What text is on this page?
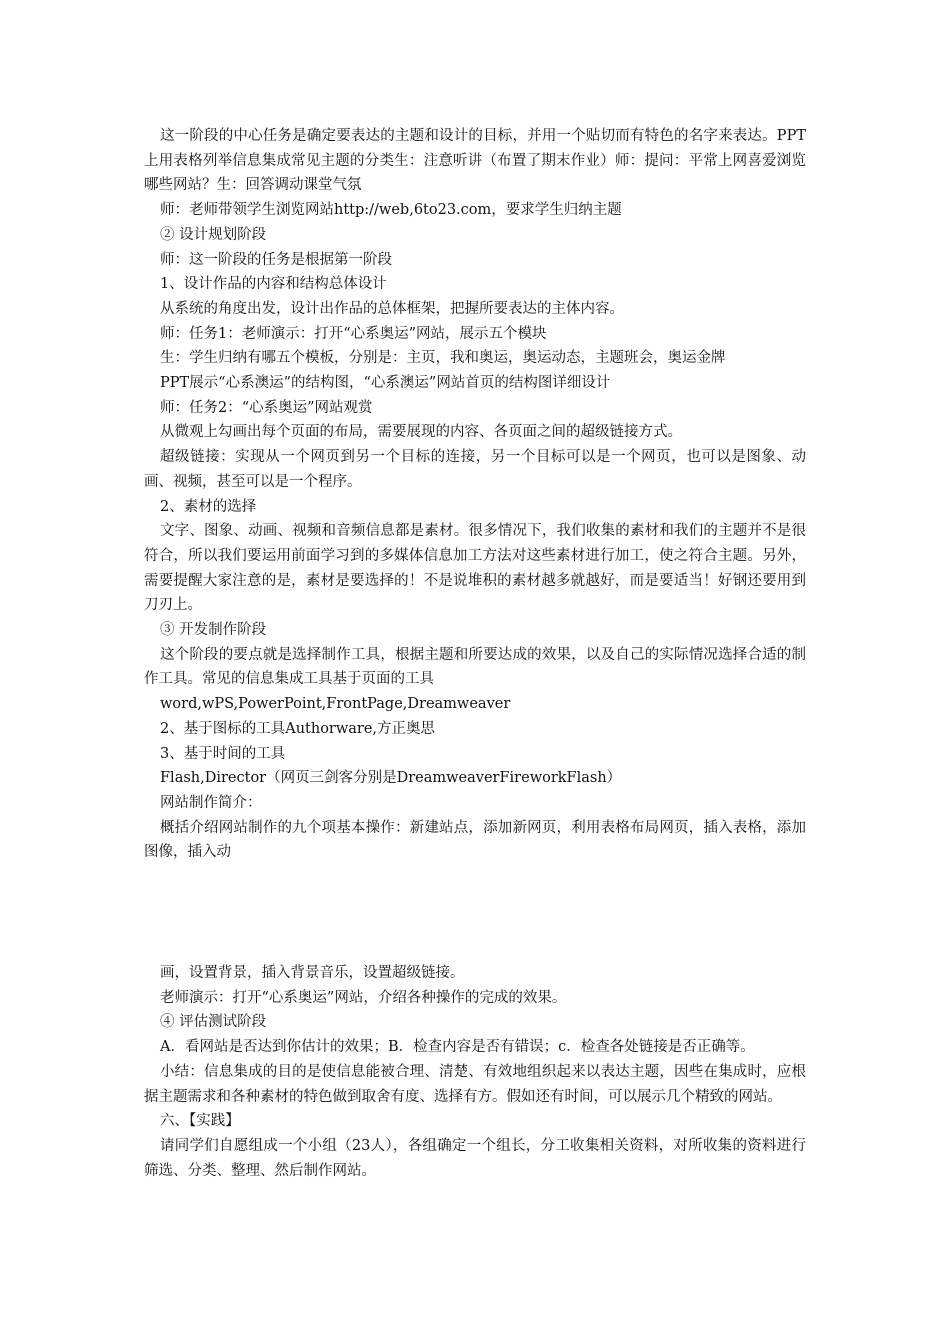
这一阶段的中心任务是确定要表达的主题和设计的目标，并用一个贴切而有特色的名字来表达。PPT上用表格列举信息集成常见主题的分类生：注意听讲（布置了期末作业）师：提问：平常上网喜爱浏览哪些网站？生：回答调动课堂气氛

师：老师带领学生浏览网站http://web,6to23.com，要求学生归纳主题

② 设计规划阶段

师：这一阶段的任务是根据第一阶段

1、设计作品的内容和结构总体设计

从系统的角度出发，设计出作品的总体框架，把握所要表达的主体内容。

师：任务1：老师演示：打开“心系奥运”网站，展示五个模块

生：学生归纳有哪五个模板，分别是：主页，我和奥运，奥运动态，主题班会，奥运金牌

PPT展示“心系澳运”的结构图，“心系澳运”网站首页的结构图详细设计

师：任务2：“心系奥运”网站观赏

从微观上勾画出每个页面的布局，需要展现的内容、各页面之间的超级链接方式。

超级链接：实现从一个网页到另一个目标的连接，另一个目标可以是一个网页，也可以是图象、动画、视频，甚至可以是一个程序。

2、素材的选择

文字、图象、动画、视频和音频信息都是素材。很多情况下，我们收集的素材和我们的主题并不是很符合，所以我们要运用前面学习到的多媒体信息加工方法对这些素材进行加工，使之符合主题。另外，需要提醒大家注意的是，素材是要选择的！不是说堆积的素材越多就越好，而是要适当！好钢还要用到刀刃上。

③ 开发制作阶段

这个阶段的要点就是选择制作工具，根据主题和所要达成的效果，以及自己的实际情况选择合适的制作工具。常见的信息集成工具基于页面的工具

word,wPS,PowerPoint,FrontPage,Dreamweaver

2、基于图标的工具Authorware,方正奥思

3、基于时间的工具

Flash,Director（网页三剑客分别是DreamweaverFireworkFlash）

网站制作简介：

概括介绍网站制作的九个项基本操作：新建站点，添加新网页，利用表格布局网页，插入表格，添加图像，插入动

画，设置背景，插入背景音乐，设置超级链接。

老师演示：打开“心系奥运”网站，介绍各种操作的完成的效果。

④ 评估测试阶段

A．看网站是否达到你估计的效果；B．检查内容是否有错误；c．检查各处链接是否正确等。

小结：信息集成的目的是使信息能被合理、清楚、有效地组织起来以表达主题，因些在集成时，应根据主题需求和各种素材的特色做到取舍有度、选择有方。假如还有时间，可以展示几个精致的网站。

六、【实践】

请同学们自愿组成一个小组（23人），各组确定一个组长，分工收集相关资料，对所收集的资料进行筛选、分类、整理、然后制作网站。
